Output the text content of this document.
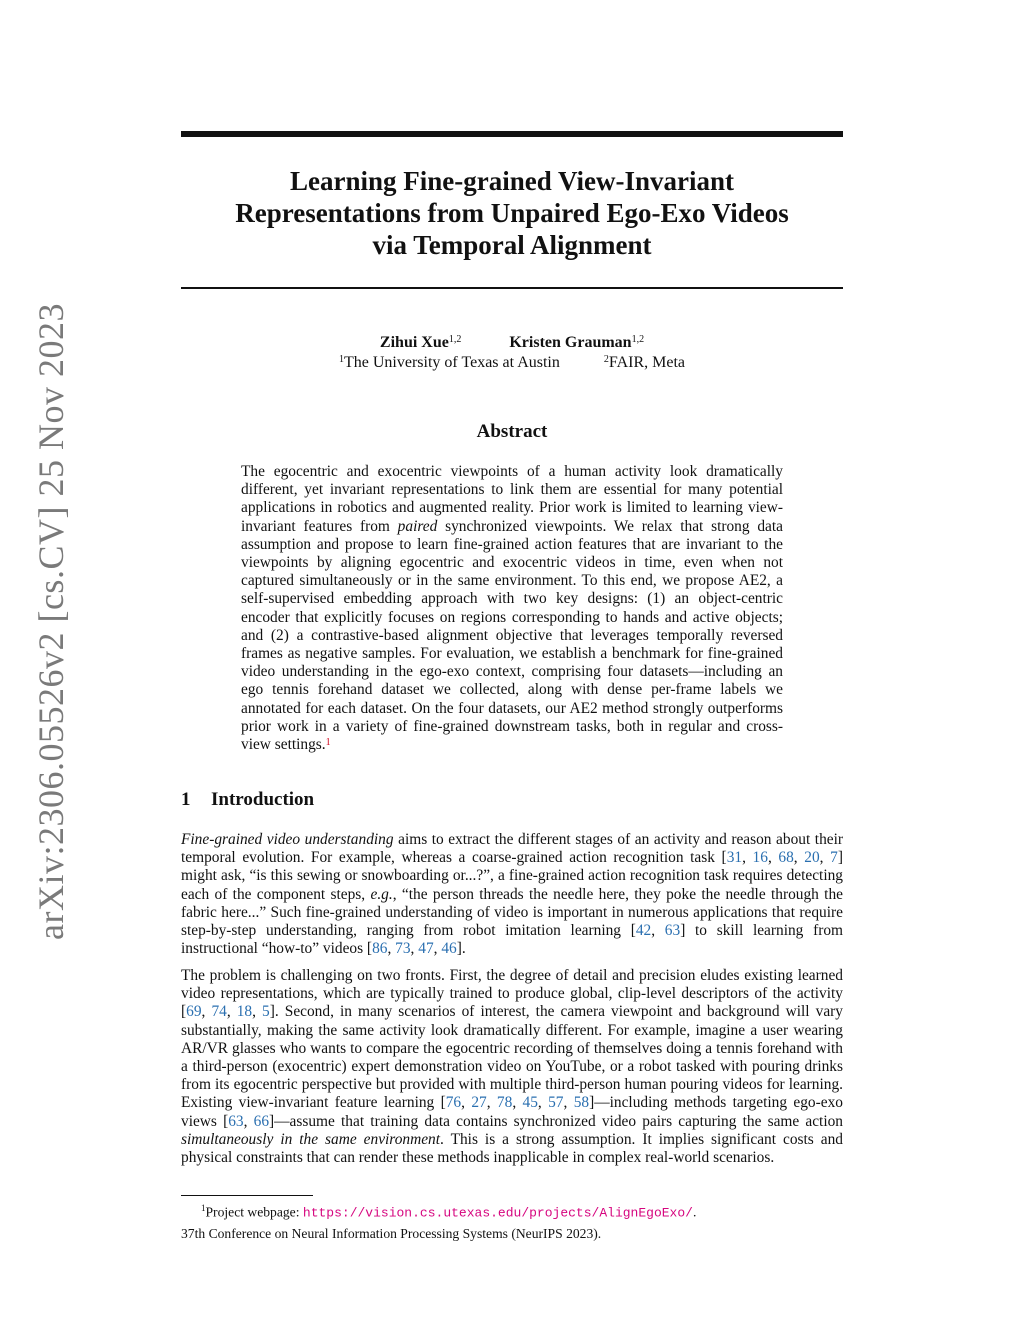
arXiv:2306.05526v2 [cs.CV] 25 Nov 2023
Learning Fine-grained View-Invariant
Representations from Unpaired Ego-Exo Videos
via Temporal Alignment
Zihui Xue$^{1,2}$	Kristen Grauman$^{1,2}$
$^1$The University of Texas at Austin	$^2$FAIR, Meta
Abstract

The egocentric and exocentric viewpoints of a human activity look dramatically different, yet invariant representations to link them are essential for many potential applications in robotics and augmented reality. Prior work is limited to learning view-invariant features from paired synchronized viewpoints. We relax that strong data assumption and propose to learn fine-grained action features that are invariant to the viewpoints by aligning egocentric and exocentric videos in time, even when not captured simultaneously or in the same environment. To this end, we propose AE2, a self-supervised embedding approach with two key designs: (1) an object-centric encoder that explicitly focuses on regions corresponding to hands and active objects; and (2) a contrastive-based alignment objective that leverages temporally reversed frames as negative samples. For evaluation, we establish a benchmark for fine-grained video understanding in the ego-exo context, comprising four datasets—including an ego tennis forehand dataset we collected, along with dense per-frame labels we annotated for each dataset. On the four datasets, our AE2 method strongly outperforms prior work in a variety of fine-grained downstream tasks, both in regular and cross-view settings.$^1$

1 Introduction

Fine-grained video understanding aims to extract the different stages of an activity and reason about their temporal evolution. For example, whereas a coarse-grained action recognition task [31, 16, 68, 20, 7] might ask, “is this sewing or snowboarding or...?”, a fine-grained action recognition task requires detecting each of the component steps, e.g., “the person threads the needle here, they poke the needle through the fabric here...” Such fine-grained understanding of video is important in numerous applications that require step-by-step understanding, ranging from robot imitation learning [42, 63] to skill learning from instructional “how-to” videos [86, 73, 47, 46].

The problem is challenging on two fronts. First, the degree of detail and precision eludes existing learned video representations, which are typically trained to produce global, clip-level descriptors of the activity [69, 74, 18, 5]. Second, in many scenarios of interest, the camera viewpoint and background will vary substantially, making the same activity look dramatically different. For example, imagine a user wearing AR/VR glasses who wants to compare the egocentric recording of themselves doing a tennis forehand with a third-person (exocentric) expert demonstration video on YouTube, or a robot tasked with pouring drinks from its egocentric perspective but provided with multiple third-person human pouring videos for learning. Existing view-invariant feature learning [76, 27, 78, 45, 57, 58]—including methods targeting ego-exo views [63, 66]—assume that training data contains synchronized video pairs capturing the same action simultaneously in the same environment. This is a strong assumption. It implies significant costs and physical constraints that can render these methods inapplicable in complex real-world scenarios.

$^1$Project webpage: https://vision.cs.utexas.edu/projects/AlignEgoExo/.
37th Conference on Neural Information Processing Systems (NeurIPS 2023).
